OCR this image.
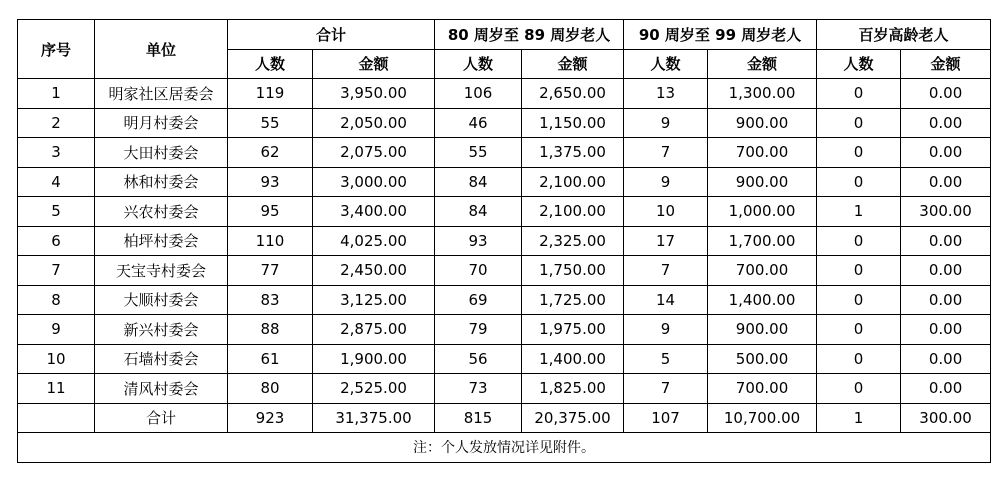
序号	单位	合计		80 周岁至 89 周岁老人		90 周岁至 99 周岁老人		百岁高龄老人	
		人数	金额	人数	金额	人数	金额	人数	金额
1	明家社区居委会	119	3,950.00	106	2,650.00	13	1,300.00	0	0.00
2	明月村委会	55	2,050.00	46	1,150.00	9	900.00	0	0.00
3	大田村委会	62	2,075.00	55	1,375.00	7	700.00	0	0.00
4	林和村委会	93	3,000.00	84	2,100.00	9	900.00	0	0.00
5	兴农村委会	95	3,400.00	84	2,100.00	10	1,000.00	1	300.00
6	柏坪村委会	110	4,025.00	93	2,325.00	17	1,700.00	0	0.00
7	天宝寺村委会	77	2,450.00	70	1,750.00	7	700.00	0	0.00
8	大顺村委会	83	3,125.00	69	1,725.00	14	1,400.00	0	0.00
9	新兴村委会	88	2,875.00	79	1,975.00	9	900.00	0	0.00
10	石墙村委会	61	1,900.00	56	1,400.00	5	500.00	0	0.00
11	清风村委会	80	2,525.00	73	1,825.00	7	700.00	0	0.00
	合计	923	31,375.00	815	20,375.00	107	10,700.00	1	300.00
注：个人发放情况详见附件。									
